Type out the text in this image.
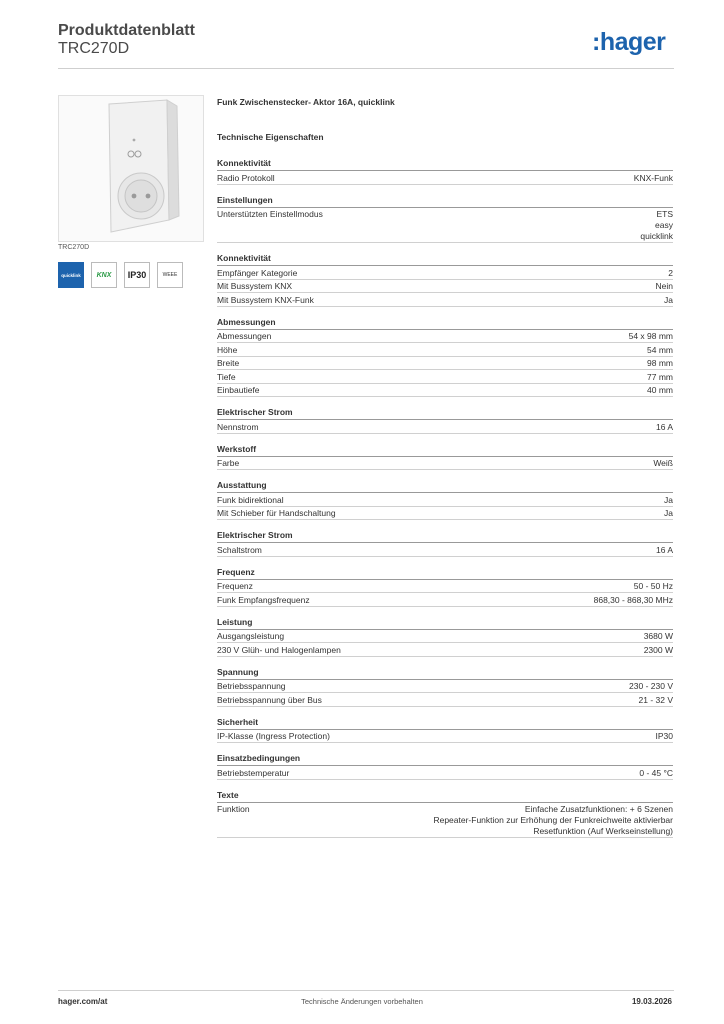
Produktdatenblatt
TRC270D	:hager
TRC270D
quicklink KNX IP30	WEEE
Funk Zwischenstecker- Aktor 16A, quicklink
Technische Eigenschaften
Konnektivität
Radio Protokoll	KNX-Funk
Einstellungen
Unterstützten Einstellmodus	ETS
easy
quicklink
Konnektivität
Empfänger Kategorie	2
Mit Bussystem KNX	Nein
Mit Bussystem KNX-Funk	Ja
Abmessungen
Abmessungen	54 x 98 mm
Höhe	54 mm
Breite	98 mm
Tiefe	77 mm
Einbautiefe	40 mm
Elektrischer Strom
Nennstrom	16 A
Werkstoff
Farbe	Weiß
Ausstattung
Funk bidirektional	Ja
Mit Schieber für Handschaltung	Ja
Elektrischer Strom
Schaltstrom	16 A
Frequenz
Frequenz	50 - 50 Hz
Funk Empfangsfrequenz	868,30 - 868,30 MHz
Leistung
Ausgangsleistung	3680 W
230 V Glüh- und Halogenlampen	2300 W
Spannung
Betriebsspannung	230 - 230 V
Betriebsspannung über Bus	21 - 32 V
Sicherheit
IP-Klasse (Ingress Protection)	IP30
Einsatzbedingungen
Betriebstemperatur	0 - 45 °C
Texte
Funktion	Einfache Zusatzfunktionen: + 6 Szenen
Repeater-Funktion zur Erhöhung der Funkreichweite aktivierbar
Resetfunktion (Auf Werkseinstellung)
hager.com/at	Technische Änderungen vorbehalten	19.03.2026
